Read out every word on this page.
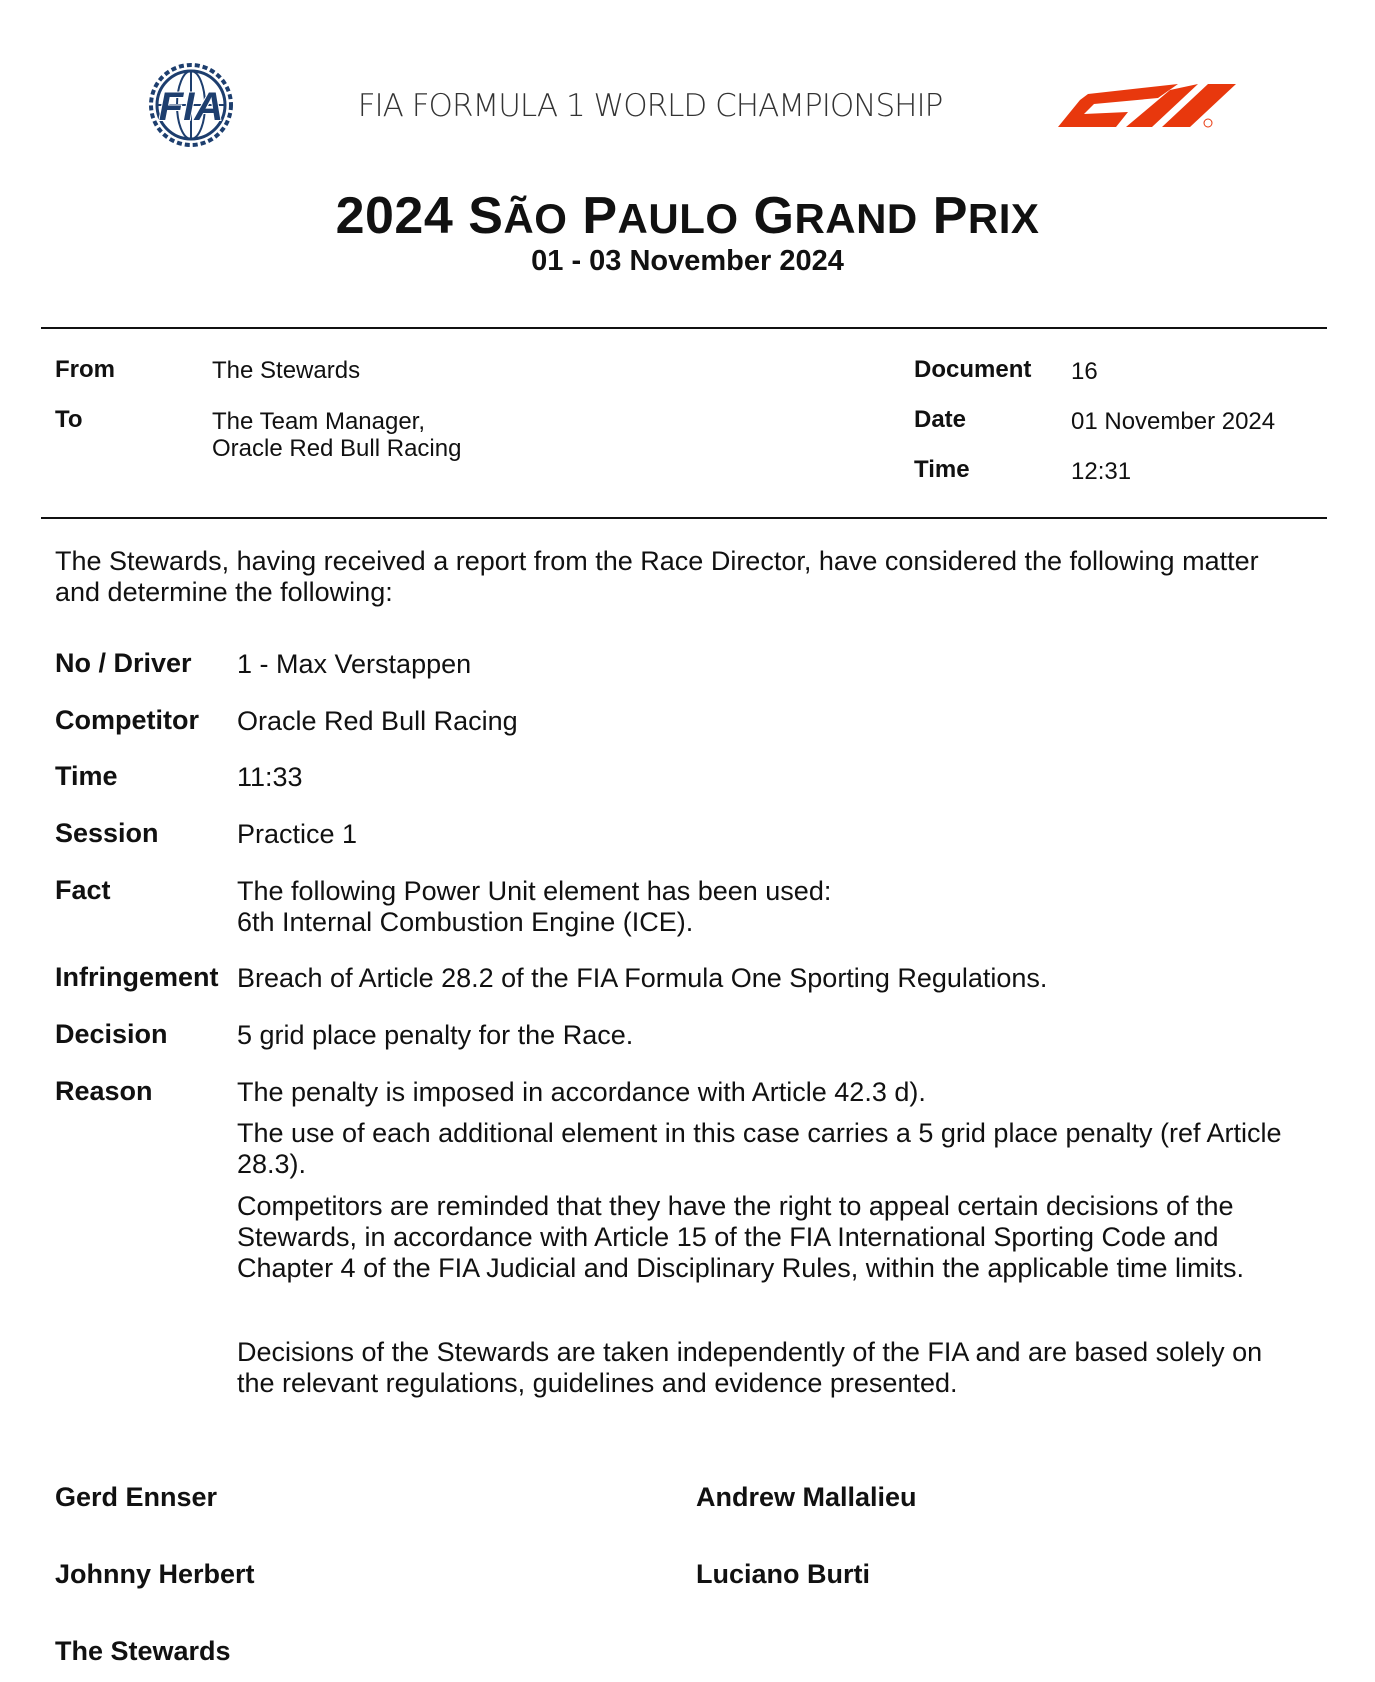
FIA	FIA FORMULA 1 WORLD CHAMPIONSHIP
2024 SÃO PAULO GRAND PRIX
01 - 03 November 2024
From	The Stewards
To	The Team Manager,
Oracle Red Bull Racing
Document 16
Date	01 November 2024
Time	12:31
The Stewards, having received a report from the Race Director, have considered the following matter and determine the following:
No / Driver 1 - Max Verstappen
Competitor Oracle Red Bull Racing
Time	11:33
Session	Practice 1
Fact	The following Power Unit element has been used:
6th Internal Combustion Engine (ICE).
Infringement Breach of Article 28.2 of the FIA Formula One Sporting Regulations.
Decision	5 grid place penalty for the Race.
Reason	The penalty is imposed in accordance with Article 42.3 d).
The use of each additional element in this case carries a 5 grid place penalty (ref Article 28.3).
Competitors are reminded that they have the right to appeal certain decisions of the Stewards, in accordance with Article 15 of the FIA International Sporting Code and Chapter 4 of the FIA Judicial and Disciplinary Rules, within the applicable time limits.
Decisions of the Stewards are taken independently of the FIA and are based solely on the relevant regulations, guidelines and evidence presented.
Gerd Ennser	Andrew Mallalieu
Johnny Herbert	Luciano Burti
The Stewards
